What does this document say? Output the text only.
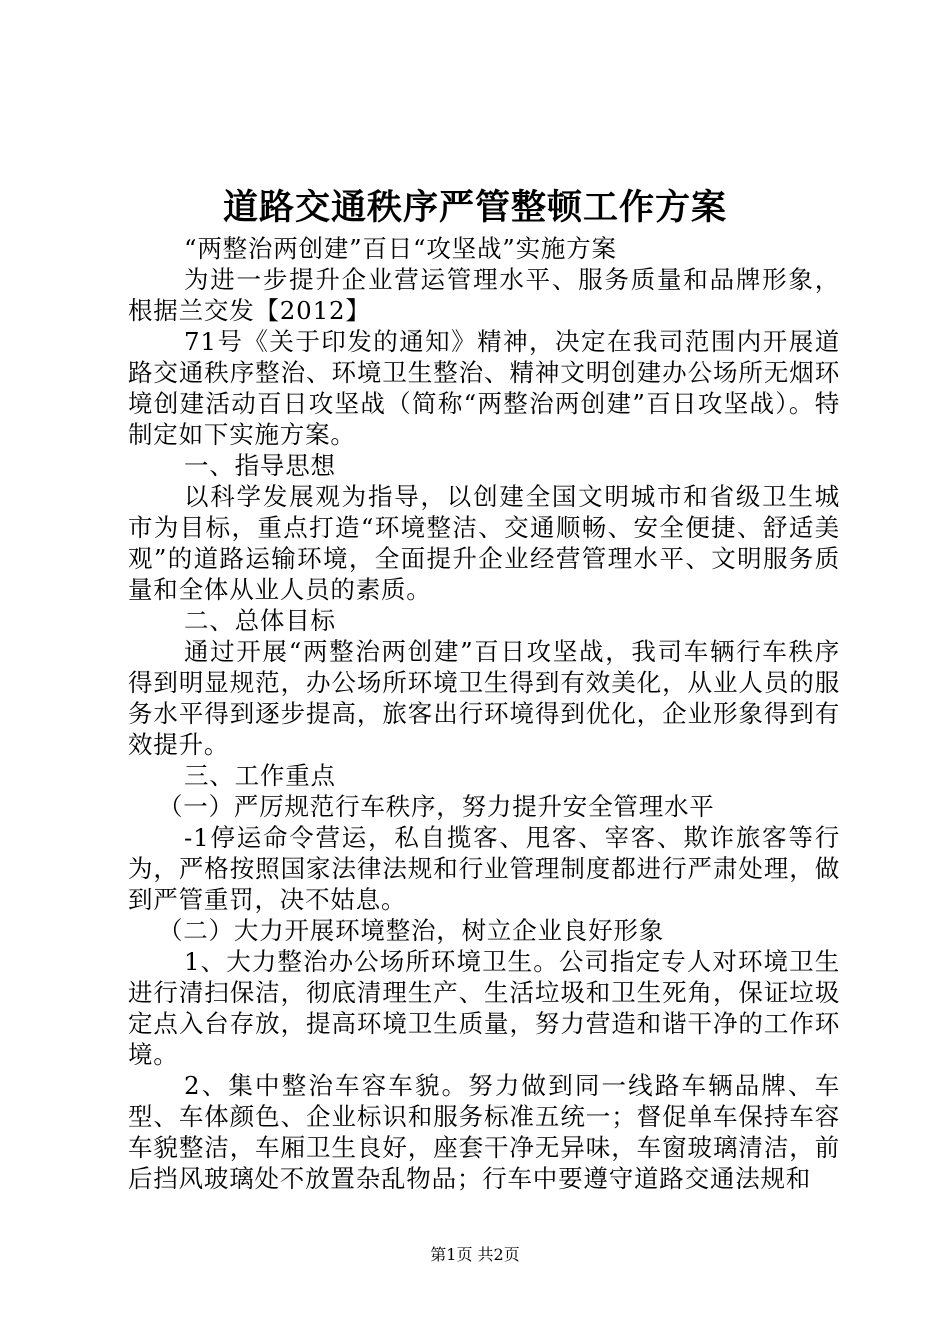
道路交通秩序严管整顿工作方案

“两整治两创建”百日“攻坚战”实施方案

为进一步提升企业营运管理水平、服务质量和品牌形象，根据兰交发【2012】

71号《关于印发的通知》精神，决定在我司范围内开展道路交通秩序整治、环境卫生整治、精神文明创建办公场所无烟环境创建活动百日攻坚战（简称“两整治两创建”百日攻坚战）。特制定如下实施方案。

一、指导思想

以科学发展观为指导，以创建全国文明城市和省级卫生城市为目标，重点打造“环境整洁、交通顺畅、安全便捷、舒适美观”的道路运输环境，全面提升企业经营管理水平、文明服务质量和全体从业人员的素质。

二、总体目标

通过开展“两整治两创建”百日攻坚战，我司车辆行车秩序得到明显规范，办公场所环境卫生得到有效美化，从业人员的服务水平得到逐步提高，旅客出行环境得到优化，企业形象得到有效提升。

三、工作重点

（一）严厉规范行车秩序，努力提升安全管理水平

-1停运命令营运，私自揽客、甩客、宰客、欺诈旅客等行为，严格按照国家法律法规和行业管理制度都进行严肃处理，做到严管重罚，决不姑息。

（二）大力开展环境整治，树立企业良好形象

1、大力整治办公场所环境卫生。公司指定专人对环境卫生进行清扫保洁，彻底清理生产、生活垃圾和卫生死角，保证垃圾定点入台存放，提高环境卫生质量，努力营造和谐干净的工作环境。

2、集中整治车容车貌。努力做到同一线路车辆品牌、车型、车体颜色、企业标识和服务标准五统一；督促单车保持车容车貌整洁，车厢卫生良好，座套干净无异味，车窗玻璃清洁，前后挡风玻璃处不放置杂乱物品；行车中要遵守道路交通法规和

第1页 共2页
